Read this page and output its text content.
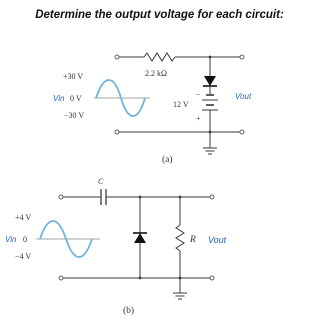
Determine the output voltage for each circuit:
2.2 kΩ
+30 V
Vin 0 V
−30 V
12 V
−
+
Vout
(a)
C
+4 V
Vin 0
−4 V
R Vout
(b)
